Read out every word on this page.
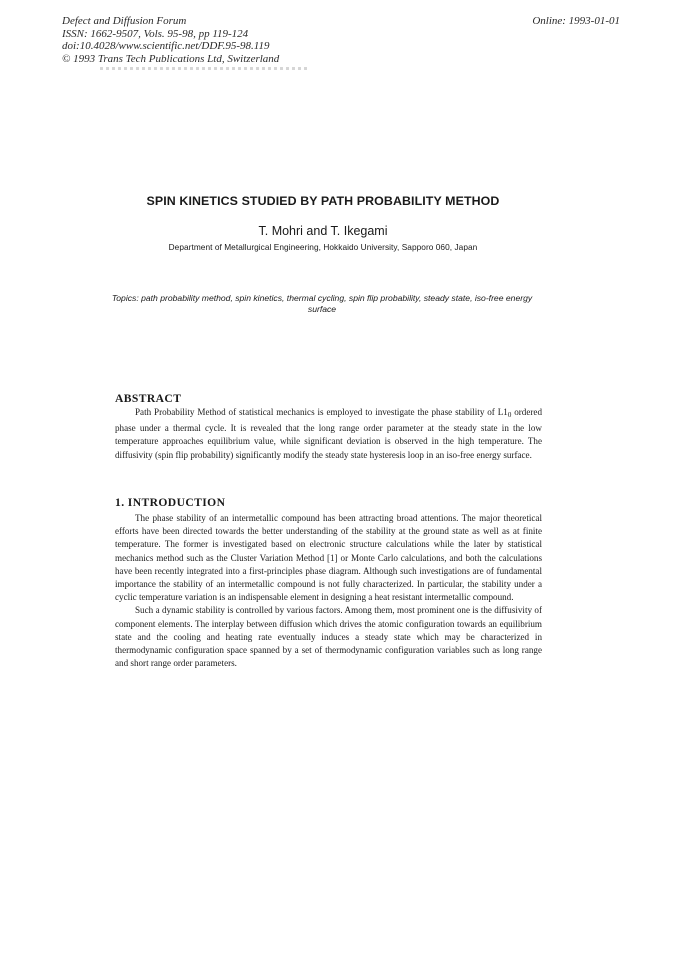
Defect and Diffusion Forum
ISSN: 1662-9507, Vols. 95-98, pp 119-124
doi:10.4028/www.scientific.net/DDF.95-98.119
© 1993 Trans Tech Publications Ltd, Switzerland
Online: 1993-01-01
SPIN KINETICS STUDIED BY PATH PROBABILITY METHOD
T. Mohri and T. Ikegami
Department of Metallurgical Engineering, Hokkaido University, Sapporo 060, Japan
Topics: path probability method, spin kinetics, thermal cycling, spin flip probability, steady state, iso-free energy surface
ABSTRACT

Path Probability Method of statistical mechanics is employed to investigate the phase stability of $L1_0$ ordered phase under a thermal cycle. It is revealed that the long range order parameter at the steady state in the low temperature approaches equilibrium value, while significant deviation is observed in the high temperature. The diffusivity (spin flip probability) significantly modify the steady state hysteresis loop in an iso-free energy surface.

1. INTRODUCTION

The phase stability of an intermetallic compound has been attracting broad attentions. The major theoretical efforts have been directed towards the better understanding of the stability at the ground state as well as at finite temperature. The former is investigated based on electronic structure calculations while the later by statistical mechanics method such as the Cluster Variation Method [1] or Monte Carlo calculations, and both the calculations have been recently integrated into a first-principles phase diagram. Although such investigations are of fundamental importance the stability of an intermetallic compound is not fully characterized. In particular, the stability under a cyclic temperature variation is an indispensable element in designing a heat resistant intermetallic compound.

Such a dynamic stability is controlled by various factors. Among them, most prominent one is the diffusivity of component elements. The interplay between diffusion which drives the atomic configuration towards an equilibrium state and the cooling and heating rate eventually induces a steady state which may be characterized in thermodynamic configuration space spanned by a set of thermodynamic configuration variables such as long range and short range order parameters.
